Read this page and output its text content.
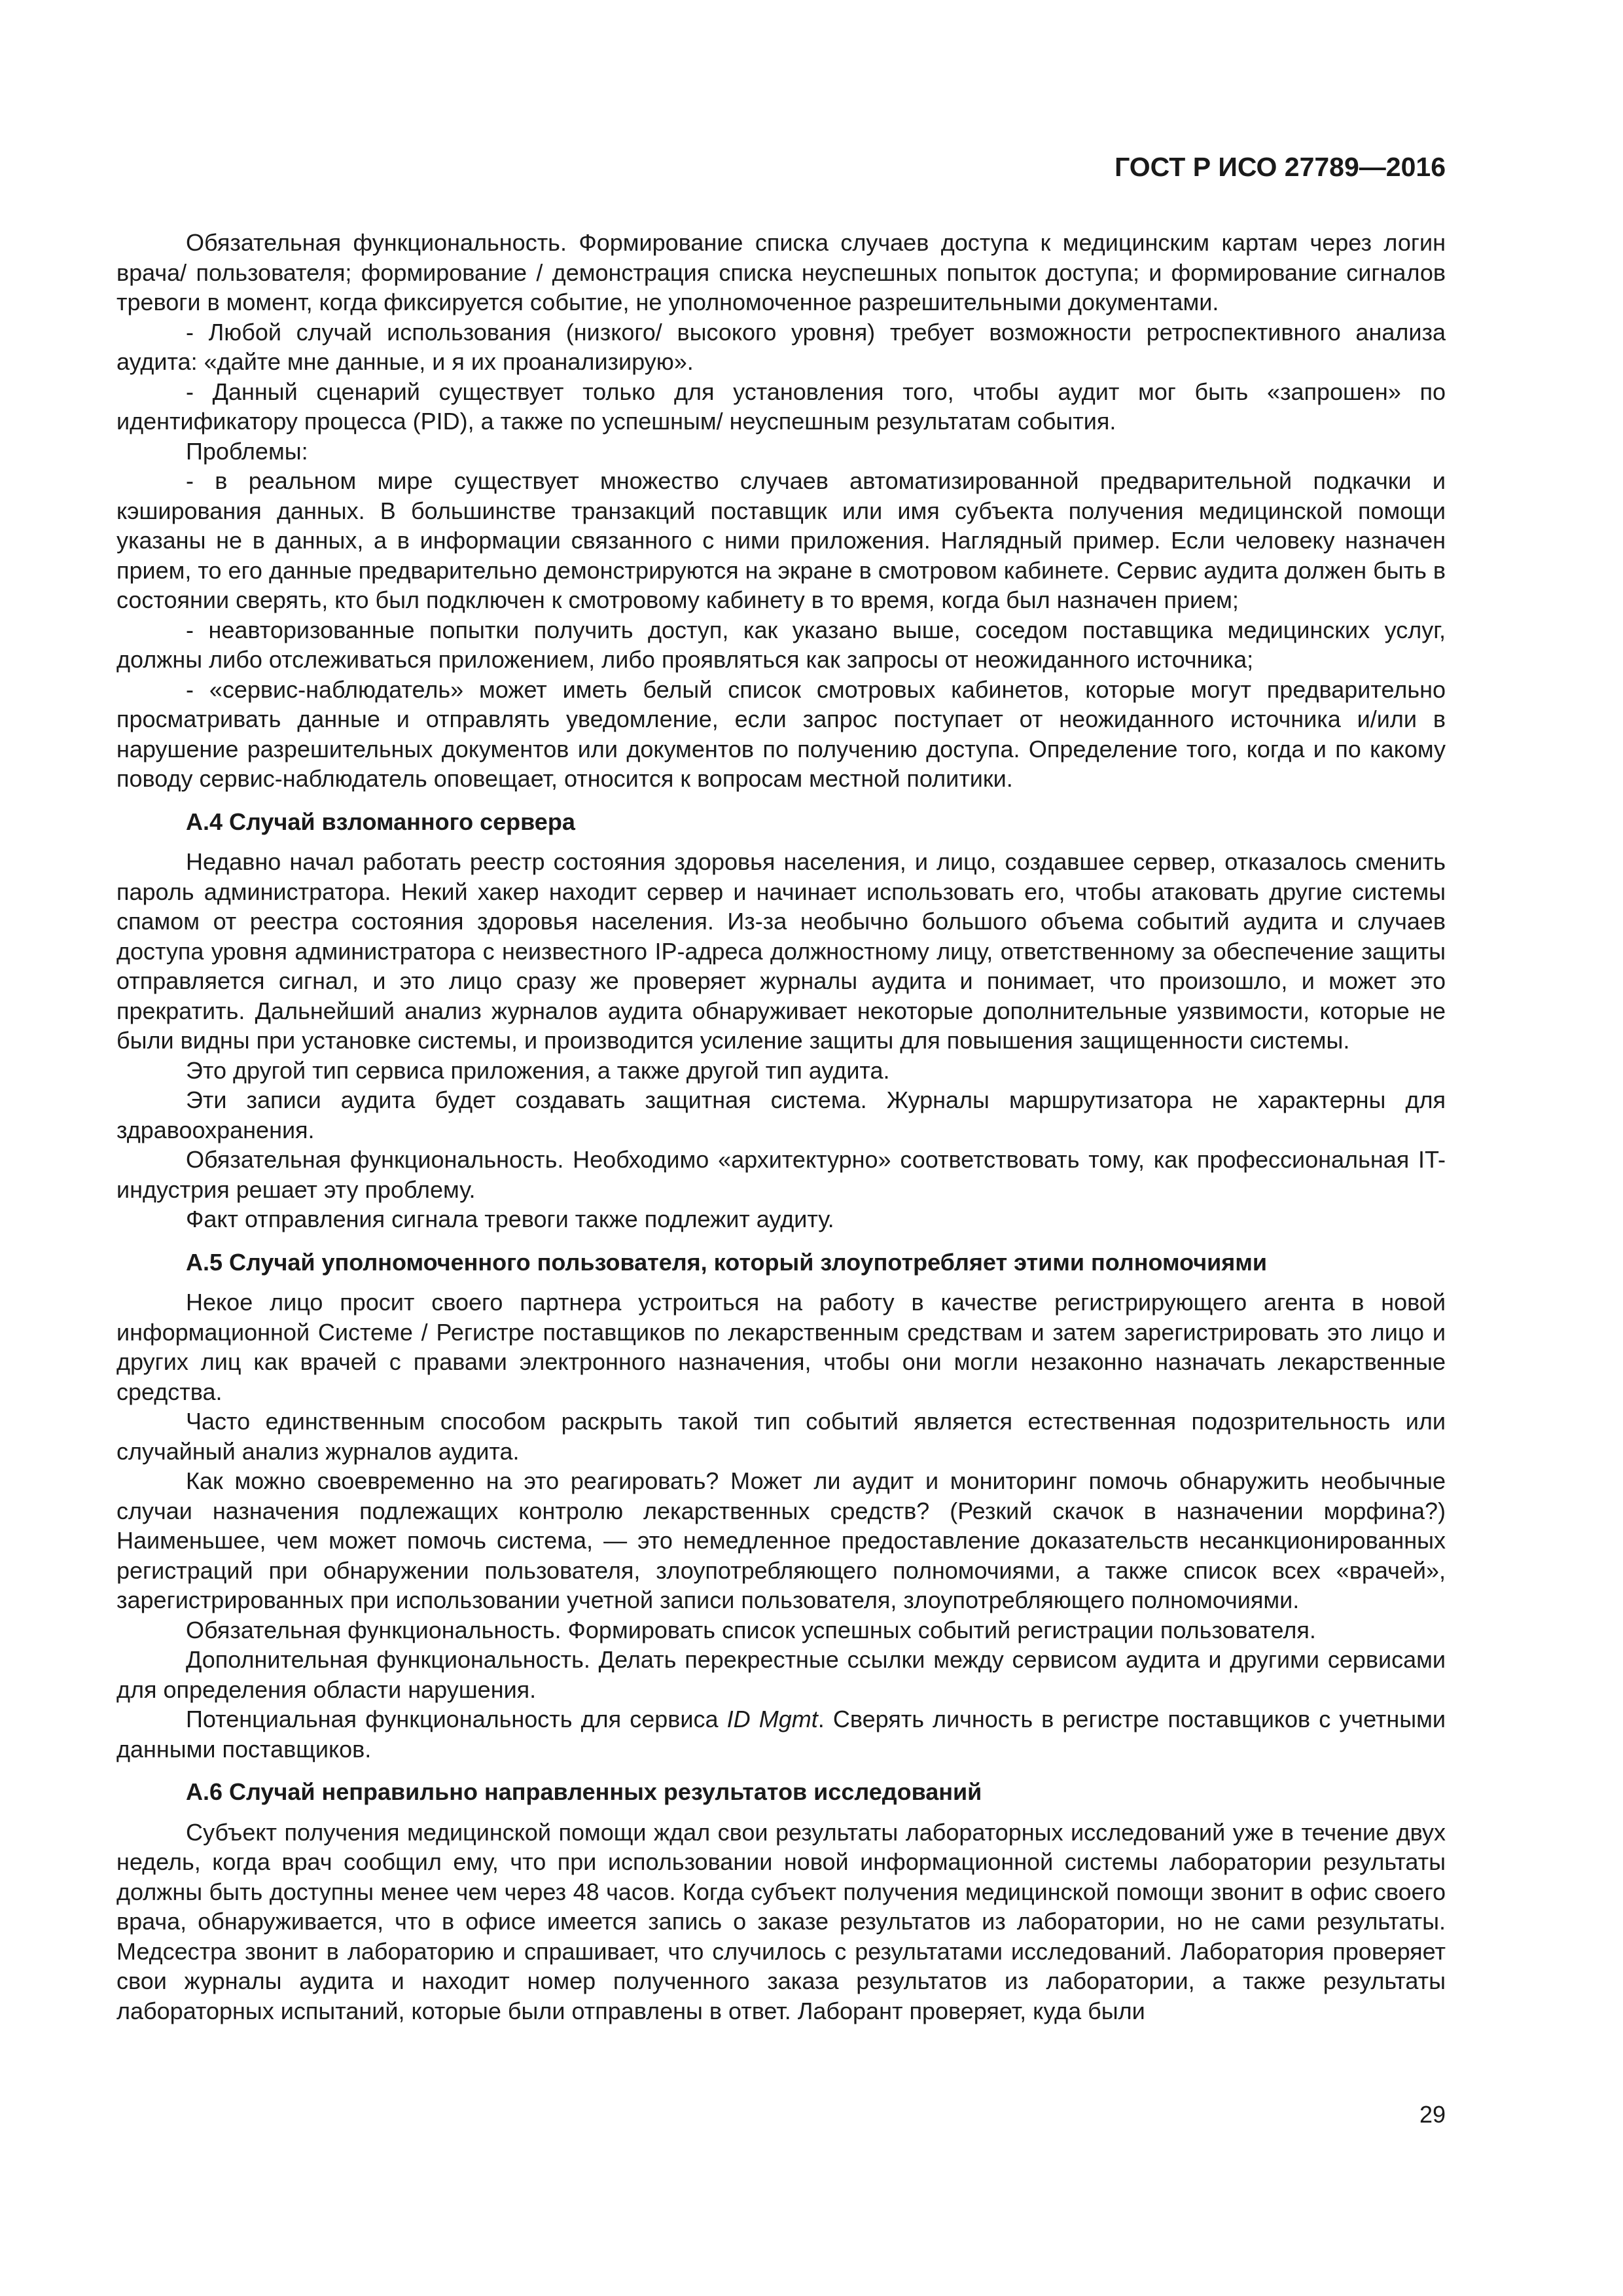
ГОСТ Р ИСО 27789—2016

Обязательная функциональность. Формирование списка случаев доступа к медицинским картам через логин врача/ пользователя; формирование / демонстрация списка неуспешных попыток доступа; и формирование сигналов тревоги в момент, когда фиксируется событие, не уполномоченное разрешительными документами.

- Любой случай использования (низкого/ высокого уровня) требует возможности ретроспективного анализа аудита: «дайте мне данные, и я их проанализирую».

- Данный сценарий существует только для установления того, чтобы аудит мог быть «запрошен» по идентификатору процесса (PID), а также по успешным/ неуспешным результатам события.

Проблемы:

- в реальном мире существует множество случаев автоматизированной предварительной подкачки и кэширования данных. В большинстве транзакций поставщик или имя субъекта получения медицинской помощи указаны не в данных, а в информации связанного с ними приложения. Наглядный пример. Если человеку назначен прием, то его данные предварительно демонстрируются на экране в смотровом кабинете. Сервис аудита должен быть в состоянии сверять, кто был подключен к смотровому кабинету в то время, когда был назначен прием;

- неавторизованные попытки получить доступ, как указано выше, соседом поставщика медицинских услуг, должны либо отслеживаться приложением, либо проявляться как запросы от неожиданного источника;

- «сервис-наблюдатель» может иметь белый список смотровых кабинетов, которые могут предварительно просматривать данные и отправлять уведомление, если запрос поступает от неожиданного источника и/или в нарушение разрешительных документов или документов по получению доступа. Определение того, когда и по какому поводу сервис-наблюдатель оповещает, относится к вопросам местной политики.

А.4 Случай взломанного сервера

Недавно начал работать реестр состояния здоровья населения, и лицо, создавшее сервер, отказалось сменить пароль администратора. Некий хакер находит сервер и начинает использовать его, чтобы атаковать другие системы спамом от реестра состояния здоровья населения. Из-за необычно большого объема событий аудита и случаев доступа уровня администратора с неизвестного IP-адреса должностному лицу, ответственному за обеспечение защиты отправляется сигнал, и это лицо сразу же проверяет журналы аудита и понимает, что произошло, и может это прекратить. Дальнейший анализ журналов аудита обнаруживает некоторые дополнительные уязвимости, которые не были видны при установке системы, и производится усиление защиты для повышения защищенности системы.

Это другой тип сервиса приложения, а также другой тип аудита.

Эти записи аудита будет создавать защитная система. Журналы маршрутизатора не характерны для здравоохранения.

Обязательная функциональность. Необходимо «архитектурно» соответствовать тому, как профессиональная IT-индустрия решает эту проблему.

Факт отправления сигнала тревоги также подлежит аудиту.

А.5 Случай уполномоченного пользователя, который злоупотребляет этими полномочиями

Некое лицо просит своего партнера устроиться на работу в качестве регистрирующего агента в новой информационной Системе / Регистре поставщиков по лекарственным средствам и затем зарегистрировать это лицо и других лиц как врачей с правами электронного назначения, чтобы они могли незаконно назначать лекарственные средства.

Часто единственным способом раскрыть такой тип событий является естественная подозрительность или случайный анализ журналов аудита.

Как можно своевременно на это реагировать? Может ли аудит и мониторинг помочь обнаружить необычные случаи назначения подлежащих контролю лекарственных средств? (Резкий скачок в назначении морфина?) Наименьшее, чем может помочь система, — это немедленное предоставление доказательств несанкционированных регистраций при обнаружении пользователя, злоупотребляющего полномочиями, а также список всех «врачей», зарегистрированных при использовании учетной записи пользователя, злоупотребляющего полномочиями.

Обязательная функциональность. Формировать список успешных событий регистрации пользователя.

Дополнительная функциональность. Делать перекрестные ссылки между сервисом аудита и другими сервисами для определения области нарушения.

Потенциальная функциональность для сервиса ID Mgmt. Сверять личность в регистре поставщиков с учетными данными поставщиков.

А.6 Случай неправильно направленных результатов исследований

Субъект получения медицинской помощи ждал свои результаты лабораторных исследований уже в течение двух недель, когда врач сообщил ему, что при использовании новой информационной системы лаборатории результаты должны быть доступны менее чем через 48 часов. Когда субъект получения медицинской помощи звонит в офис своего врача, обнаруживается, что в офисе имеется запись о заказе результатов из лаборатории, но не сами результаты. Медсестра звонит в лабораторию и спрашивает, что случилось с результатами исследований. Лаборатория проверяет свои журналы аудита и находит номер полученного заказа результатов из лаборатории, а также результаты лабораторных испытаний, которые были отправлены в ответ. Лаборант проверяет, куда были

29
